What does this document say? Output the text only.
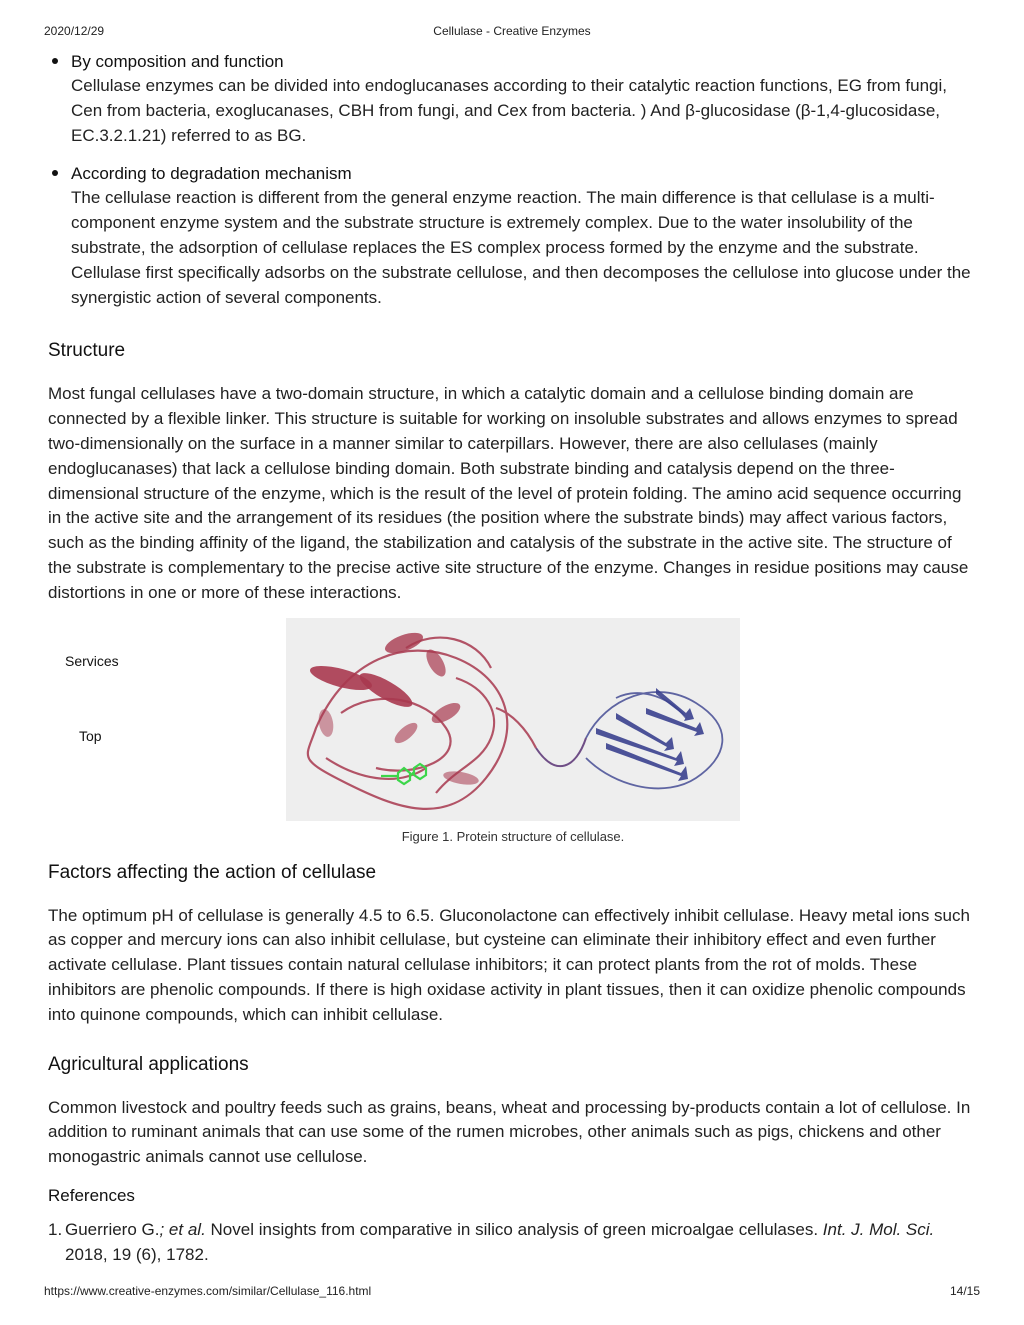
2020/12/29	Cellulase - Creative Enzymes
By composition and function

Cellulase enzymes can be divided into endoglucanases according to their catalytic reaction functions, EG from fungi, Cen from bacteria, exoglucanases, CBH from fungi, and Cex from bacteria. ) And β-glucosidase (β-1,4-glucosidase, EC.3.2.1.21) referred to as BG.

According to degradation mechanism

The cellulase reaction is different from the general enzyme reaction. The main difference is that cellulase is a multi-component enzyme system and the substrate structure is extremely complex. Due to the water insolubility of the substrate, the adsorption of cellulase replaces the ES complex process formed by the enzyme and the substrate. Cellulase first specifically adsorbs on the substrate cellulose, and then decomposes the cellulose into glucose under the synergistic action of several components.

Structure

Most fungal cellulases have a two-domain structure, in which a catalytic domain and a cellulose binding domain are connected by a flexible linker. This structure is suitable for working on insoluble substrates and allows enzymes to spread two-dimensionally on the surface in a manner similar to caterpillars. However, there are also cellulases (mainly endoglucanases) that lack a cellulose binding domain. Both substrate binding and catalysis depend on the three-dimensional structure of the enzyme, which is the result of the level of protein folding. The amino acid sequence occurring in the active site and the arrangement of its residues (the position where the substrate binds) may affect various factors, such as the binding affinity of the ligand, the stabilization and catalysis of the substrate in the active site. The structure of the substrate is complementary to the precise active site structure of the enzyme. Changes in residue positions may cause distortions in one or more of these interactions.

Services
Top
Figure 1. Protein structure of cellulase.
Factors affecting the action of cellulase

The optimum pH of cellulase is generally 4.5 to 6.5. Gluconolactone can effectively inhibit cellulase. Heavy metal ions such as copper and mercury ions can also inhibit cellulase, but cysteine can eliminate their inhibitory effect and even further activate cellulase. Plant tissues contain natural cellulase inhibitors; it can protect plants from the rot of molds. These inhibitors are phenolic compounds. If there is high oxidase activity in plant tissues, then it can oxidize phenolic compounds into quinone compounds, which can inhibit cellulase.

Agricultural applications

Common livestock and poultry feeds such as grains, beans, wheat and processing by-products contain a lot of cellulose. In addition to ruminant animals that can use some of the rumen microbes, other animals such as pigs, chickens and other monogastric animals cannot use cellulose.

References
1. Guerriero G.; et al. Novel insights from comparative in silico analysis of green microalgae cellulases. Int. J. Mol. Sci.
2018, 19 (6), 1782.
https://www.creative-enzymes.com/similar/Cellulase_116.html	14/15
